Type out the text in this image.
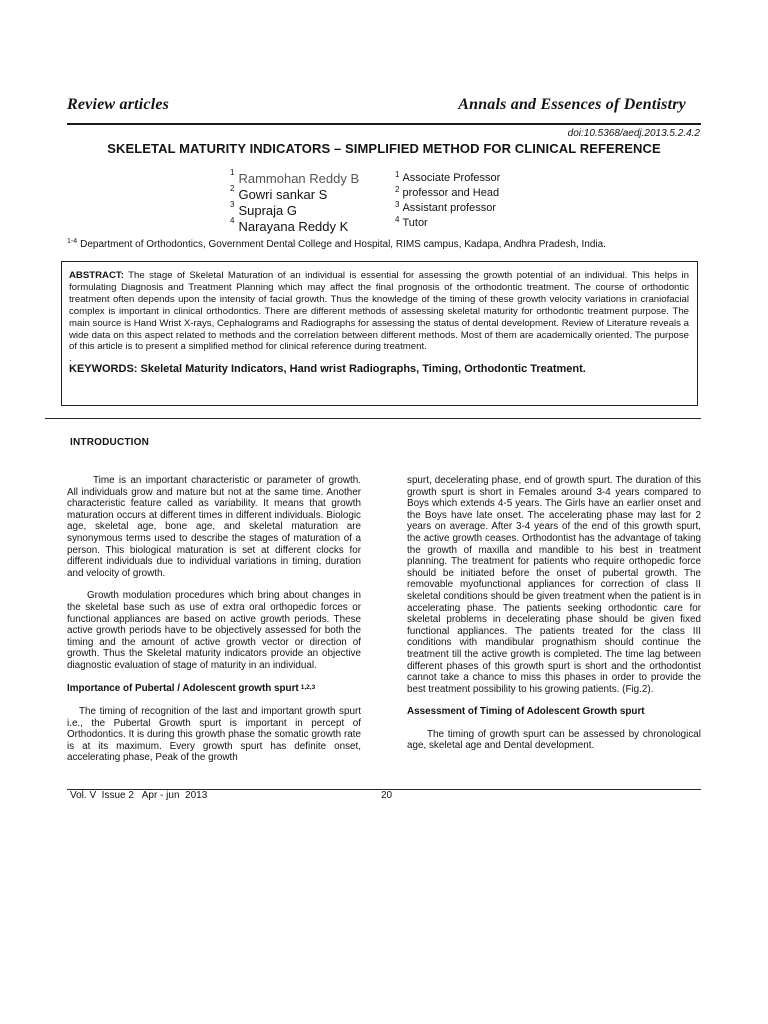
Review articles	Annals and Essences of Dentistry
doi:10.5368/aedj.2013.5.2.4.2
SKELETAL MATURITY INDICATORS – SIMPLIFIED METHOD FOR CLINICAL REFERENCE
$^1$ Rammohan Reddy B
$^2$ Gowri sankar S
$^3$ Supraja G
$^4$ Narayana Reddy K
$^1$ Associate Professor
$^2$ professor and Head
$^3$ Assistant professor
$^4$ Tutor
$^{1-4}$ Department of Orthodontics, Government Dental College and Hospital, RIMS campus, Kadapa, Andhra Pradesh, India.
ABSTRACT: The stage of Skeletal Maturation of an individual is essential for assessing the growth potential of an individual. This helps in formulating Diagnosis and Treatment Planning which may affect the final prognosis of the orthodontic treatment. The course of orthodontic treatment often depends upon the intensity of facial growth. Thus the knowledge of the timing of these growth velocity variations in craniofacial complex is important in clinical orthodontics. There are different methods of assessing skeletal maturity for orthodontic treatment purpose. The main source is Hand Wrist X-rays, Cephalograms and Radiographs for assessing the status of dental development. Review of Literature reveals a wide data on this aspect related to methods and the correlation between different methods. Most of them are academically oriented. The purpose of this article is to present a simplified method for clinical reference during treatment.
.
KEYWORDS: Skeletal Maturity Indicators, Hand wrist Radiographs, Timing, Orthodontic Treatment.
INTRODUCTION

Time is an important characteristic or parameter of growth. All individuals grow and mature but not at the same time. Another characteristic feature called as variability. It means that growth maturation occurs at different times in different individuals. Biologic age, skeletal age, bone age, and skeletal maturation are synonymous terms used to describe the stages of maturation of a person. This biological maturation is set at different clocks for different individuals due to individual variations in timing, duration and velocity of growth.

Growth modulation procedures which bring about changes in the skeletal base such as use of extra oral orthopedic forces or functional appliances are based on active growth periods. These active growth periods have to be objectively assessed for both the timing and the amount of active growth vector or direction of growth. Thus the Skeletal maturity indicators provide an objective diagnostic evaluation of stage of maturity in an individual.

Importance of Pubertal / Adolescent growth spurt $^{1,2,3}$

The timing of recognition of the last and important growth spurt i.e., the Pubertal Growth spurt is important in percept of Orthodontics. It is during this growth phase the somatic growth rate is at its maximum. Every growth spurt has definite onset, accelerating phase, Peak of the growth

spurt, decelerating phase, end of growth spurt. The duration of this growth spurt is short in Females around 3-4 years compared to Boys which extends 4-5 years. The Girls have an earlier onset and the Boys have late onset. The accelerating phase may last for 2 years on average. After 3-4 years of the end of this growth spurt, the active growth ceases. Orthodontist has the advantage of taking the growth of maxilla and mandible to his best in treatment planning. The treatment for patients who require orthopedic force should be initiated before the onset of pubertal growth. The removable myofunctional appliances for correction of class II skeletal conditions should be given treatment when the patient is in accelerating phase. The patients seeking orthodontic care for skeletal problems in decelerating phase should be given fixed functional appliances. The patients treated for the class III conditions with mandibular prognathism should continue the treatment till the active growth is completed. The time lag between different phases of this growth spurt is short and the orthodontist cannot take a chance to miss this phases in order to provide the best treatment possibility to his growing patients. (Fig.2).

Assessment of Timing of Adolescent Growth spurt

The timing of growth spurt can be assessed by chronological age, skeletal age and Dental development.

Vol. V  Issue 2   Apr - jun  2013	20
